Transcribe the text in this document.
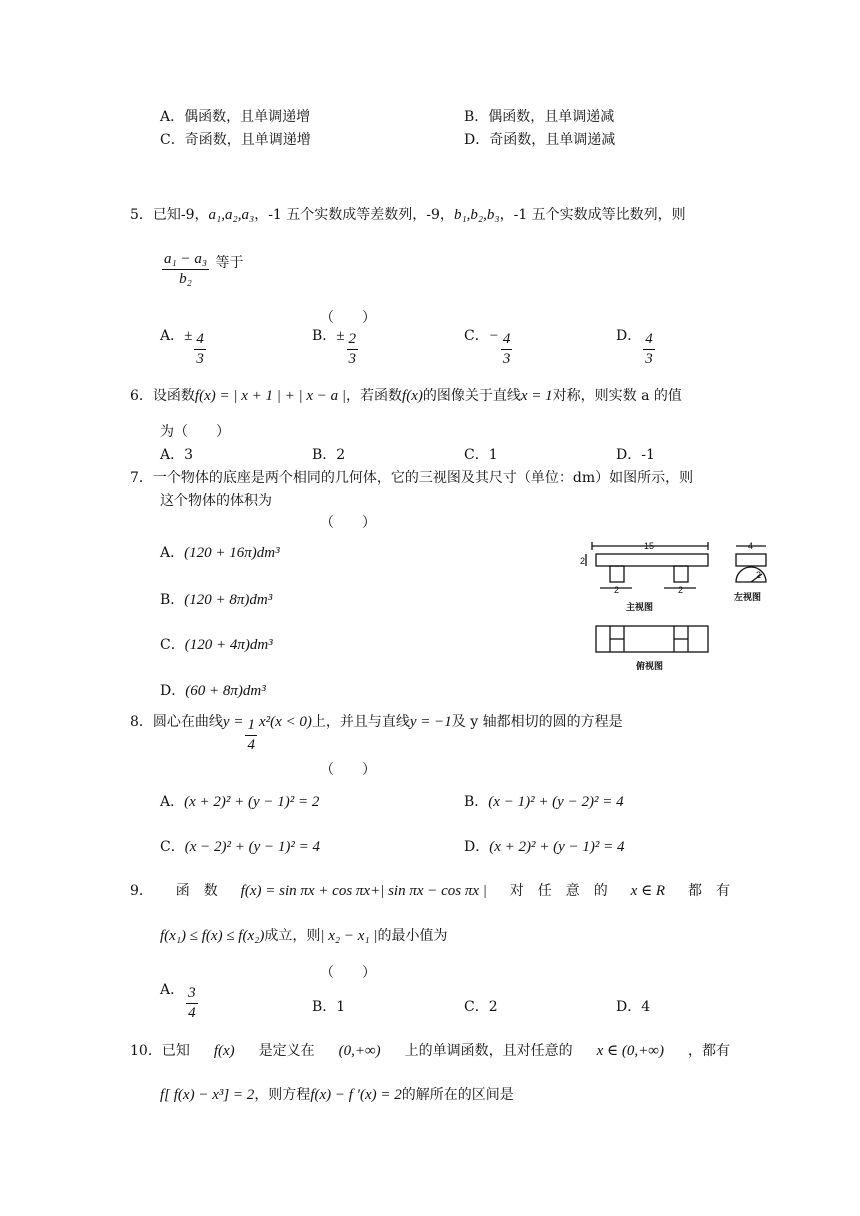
A．偶函数，且单调递增	B．偶函数，且单调递减
C．奇函数，且单调递增	D．奇函数，且单调递减
5．已知-9，a₁,a₂,a₃，-1 五个实数成等差数列，-9，b₁,b₂,b₃，-1 五个实数成等比数列，则
$\frac{\text{a₁ − a₃}}{\text{b₂}}$ 等于
（　　）
A．± $\frac{4}{3}$	B．± $\frac{2}{3}$	C．− $\frac{4}{3}$	D． $\frac{4}{3}$
6．设函数f(x) = | x + 1 | + | x − a |，若函数f(x)的图像关于直线x = 1对称，则实数 a 的值
为（　　）
A．3	B．2	C．1	D．-1
7．一个物体的底座是两个相同的几何体，它的三视图及其尺寸（单位：dm）如图所示，则
这个物体的体积为
（　　）
A．(120 + 16π)dm³
B．(120 + 8π)dm³
C．(120 + 4π)dm³
D．(60 + 8π)dm³
15
2
2	2
4
2
主视图
左视图
俯视图
8．圆心在曲线$y = \frac{1}{4} x^2(x < 0)$上，并且与直线y = −1及 y 轴都相切的圆的方程是
（　　）
A．(x + 2)² + (y − 1)² = 2	B．(x − 1)² + (y − 2)² = 4
C．(x − 2)² + (y − 1)² = 4	D．(x + 2)² + (y − 1)² = 4
9． 函　数 f(x) = sin πx + cos πx+| sin πx − cos πx | 对　任　意　的 x ∈ R 都　有
f(x₁) ≤ f(x) ≤ f(x₂)成立，则| x₂ − x₁ |的最小值为
（　　）
A． $\frac{3}{4}$	B．1	C．2	D．4
10．已知 f(x) 是定义在 (0,+∞) 上的单调函数，且对任意的 x ∈ (0,+∞) ，都有
f[ f(x) − x³] = 2，则方程f(x) − f ′(x) = 2的解所在的区间是
